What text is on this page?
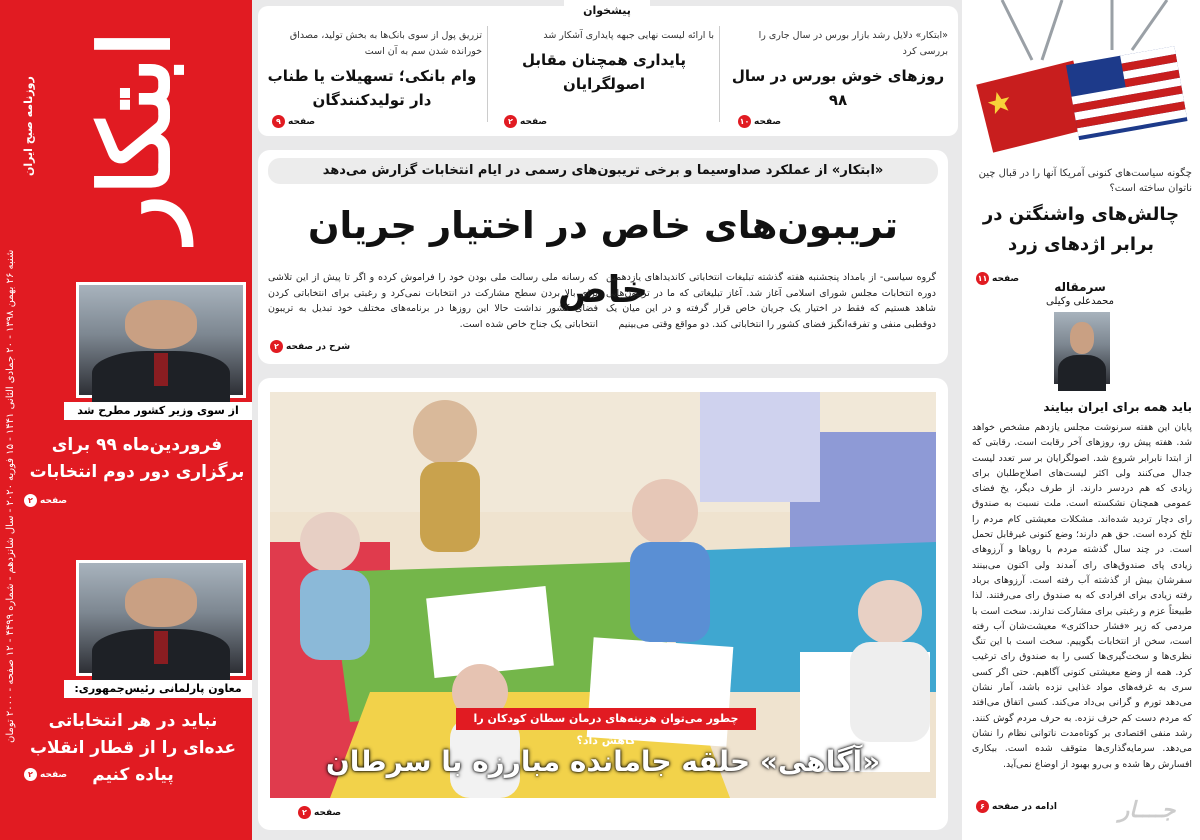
ابتکار
روزنامه صبح ایران
شنبه ۲۶ بهمن ۱۳۹۸ - ۲۰ جمادی الثانی ۱۴۴۱ - ۱۵ فوریه ۲۰۲۰ - سال شانزدهم - شماره ۴۴۹۹ - ۱۲ صفحه - ۲۰۰۰ تومان
از سوی وزیر کشور مطرح شد
فروردین‌ماه ۹۹ برای برگزاری دور دوم انتخابات
صفحه
۲
معاون پارلمانی رئیس‌جمهوری:
نباید در هر انتخاباتی عده‌ای را از قطار انقلاب پیاده کنیم
صفحه
۲
پیشخوان
«ابتکار» دلایل رشد بازار بورس در سال جاری را بررسی کرد
روزهای خوش بورس در سال ۹۸
صفحه
۱۰
با ارائه لیست نهایی جبهه پایداری آشکار شد
پایداری همچنان مقابل اصولگرایان
صفحه
۲
تزریق پول از سوی بانک‌ها به بخش تولید، مصداق خورانده شدن سم به آن است
وام بانکی؛ تسهیلات یا طناب دار تولیدکنندگان
صفحه
۹
«ابتکار» از عملکرد صداوسیما و برخی تریبون‌های رسمی در ایام انتخابات گزارش می‌دهد
تریبون‌های خاص در اختیار جریان خاص
گروه سیاسی- از بامداد پنجشنبه هفته گذشته تبلیغات انتخاباتی کاندیداهای یازدهمین دوره انتخابات مجلس شورای اسلامی آغاز شد. آغاز تبلیغاتی که ما در تریبون‌هایی شاهد هستیم که فقط در اختیار یک جریان خاص قرار گرفته و در این میان یک دوقطبی منفی و تفرقه‌انگیز فضای کشور را انتخاباتی کند. دو مواقع وقتی می‌بینیم
که رسانه ملی رسالت ملی بودن خود را فراموش کرده و اگر تا پیش از این تلاشی برای بالا بردن سطح مشارکت در انتخابات نمی‌کرد و رغبتی برای انتخاباتی کردن فضای کشور نداشت حالا این روزها در برنامه‌های مختلف خود تبدیل به تریبون انتخاباتی یک جناح خاص شده است.
شرح در صفحه
۲
چطور می‌توان هزینه‌های درمان سطان کودکان را کاهش داد؟
«آگاهی» حلقه جامانده مبارزه با سرطان
صفحه
۲
چگونه سیاست‌های کنونی آمریکا آنها را در قبال چین ناتوان ساخته است؟
چالش‌های واشنگتن در برابر اژدهای زرد
صفحه
۱۱
سرمقاله
محمدعلی وکیلی
باید همه برای ایران بیایند
پایان این هفته سرنوشت مجلس یازدهم مشخص خواهد شد. هفته پیش رو، روزهای آخر رقابت است. رقابتی که از ابتدا نابرابر شروع شد. اصولگرایان بر سر تعدد لیست جدال می‌کنند ولی اکثر لیست‌های اصلاح‌طلبان برای زیادی که هم دردسر دارند. از طرف دیگر، یخ فضای عمومی همچنان نشکسته است. ملت نسبت به صندوق رای دچار تردید شده‌اند. مشکلات معیشتی کام مردم را تلخ کرده است. حق هم دارند؛ وضع کنونی غیرقابل تحمل است. در چند سال گذشته مردم با رویاها و آرزوهای زیادی پای صندوق‌های رای آمدند ولی اکنون می‌بینند سفرشان بیش از گذشته آب رفته است. آرزوهای برباد رفته زیادی برای افرادی که به صندوق رای می‌رفتند. لذا طبیعتاً عزم و رغبتی برای مشارکت ندارند. سخت است با مردمی که زیر «فشار حداکثری» معیشت‌شان آب رفته است، سخن از انتخابات بگوییم. سخت است با این تنگ نظری‌ها و سخت‌گیری‌ها کسی را به صندوق رای ترغیب کرد. همه از وضع معیشتی کنونی آگاهیم. حتی اگر کسی سری به غرفه‌های مواد غذایی نزده باشد، آمار نشان می‌دهد تورم و گرانی بی‌داد می‌کند. کسی اتفاق می‌افتد که مردم دست کم حرف نزده. به حرف مردم گوش کنند. رشد منفی اقتصادی بر کوتاه‌مدت ناتوانی نظام را نشان می‌دهد. سرمایه‌گذاری‌ها متوقف شده است. بیکاری افسارش رها شده و بی‌رو بهبود از اوضاع نمی‌آید.
ادامه در صفحه
۶	جــــار
